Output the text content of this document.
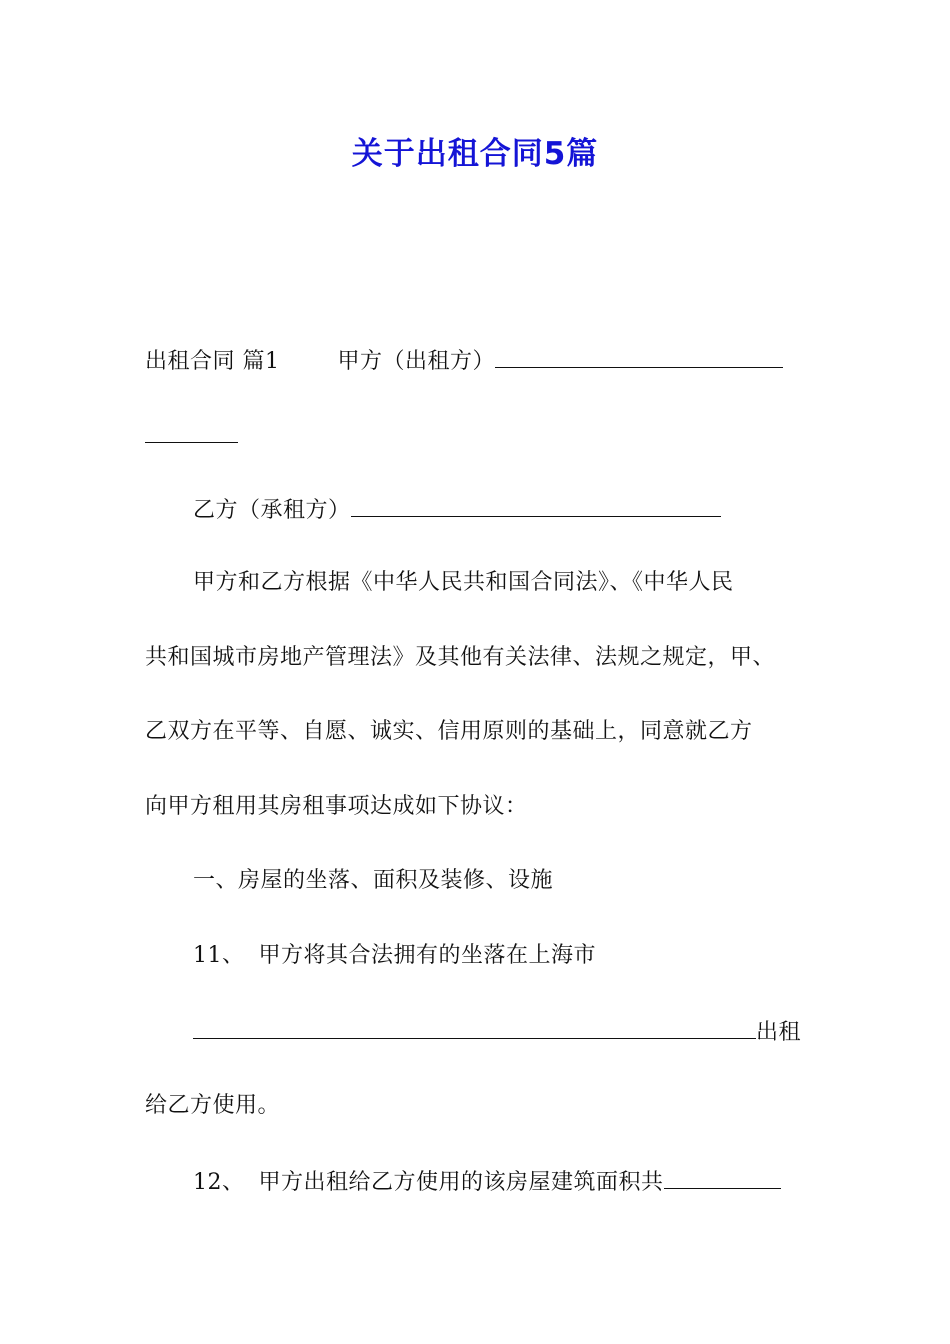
关于出租合同5篇
出租合同 篇1	甲方（出租方）
乙方（承租方）
甲方和乙方根据《中华人民共和国合同法》、《中华人民
共和国城市房地产管理法》及其他有关法律、法规之规定，甲、
乙双方在平等、自愿、诚实、信用原则的基础上，同意就乙方
向甲方租用其房租事项达成如下协议：
一、房屋的坐落、面积及装修、设施
11、 甲方将其合法拥有的坐落在上海市
出租
给乙方使用。
12、 甲方出租给乙方使用的该房屋建筑面积共
